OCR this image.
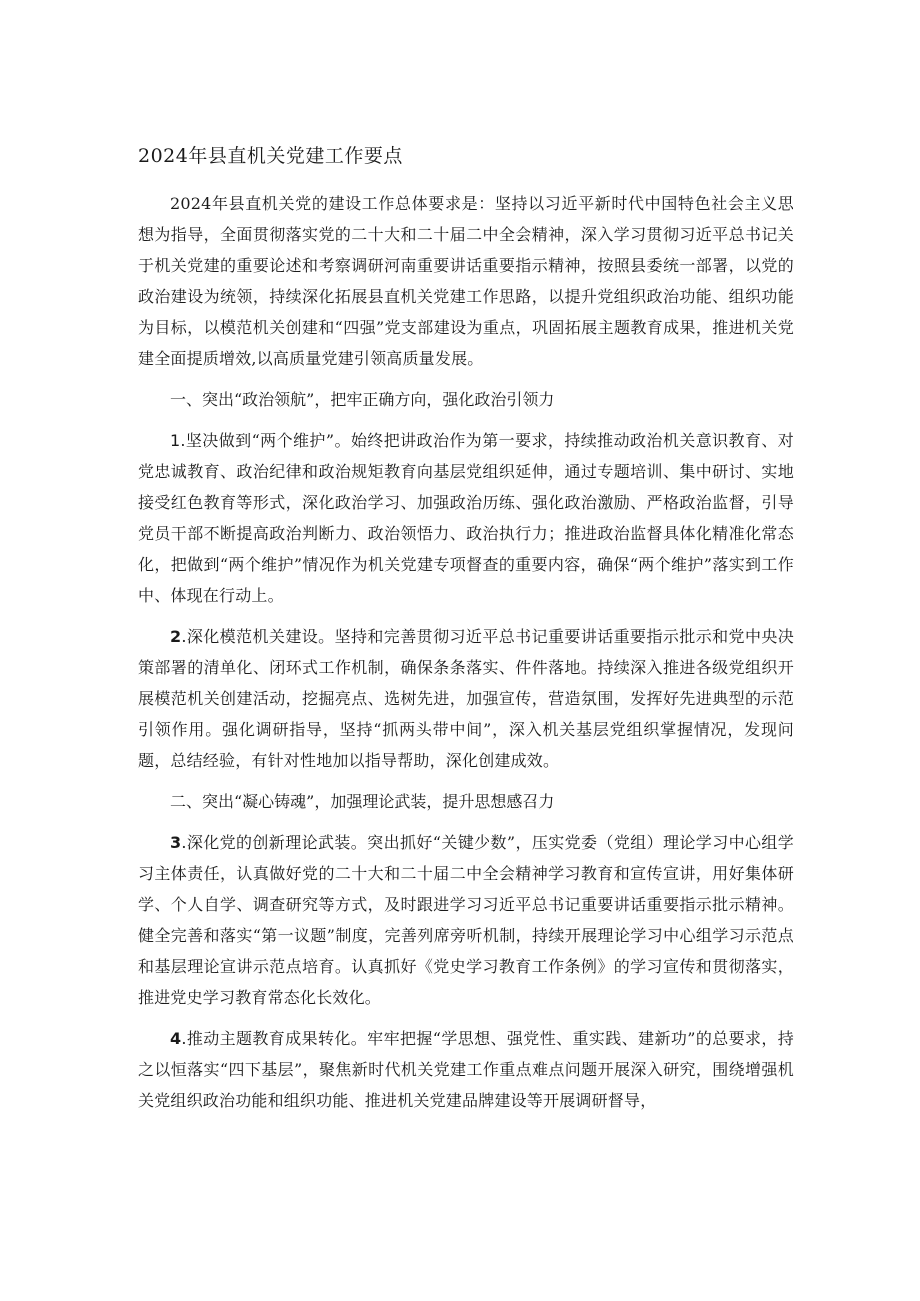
2024年县直机关党建工作要点

2024年县直机关党的建设工作总体要求是：坚持以习近平新时代中国特色社会主义思想为指导，全面贯彻落实党的二十大和二十届二中全会精神，深入学习贯彻习近平总书记关于机关党建的重要论述和考察调研河南重要讲话重要指示精神，按照县委统一部署，以党的政治建设为统领，持续深化拓展县直机关党建工作思路，以提升党组织政治功能、组织功能为目标，以模范机关创建和“四强”党支部建设为重点，巩固拓展主题教育成果，推进机关党建全面提质增效,以高质量党建引领高质量发展。

一、突出“政治领航”，把牢正确方向，强化政治引领力

1.坚决做到“两个维护”。始终把讲政治作为第一要求，持续推动政治机关意识教育、对党忠诚教育、政治纪律和政治规矩教育向基层党组织延伸，通过专题培训、集中研讨、实地接受红色教育等形式，深化政治学习、加强政治历练、强化政治激励、严格政治监督，引导党员干部不断提高政治判断力、政治领悟力、政治执行力；推进政治监督具体化精准化常态化，把做到“两个维护”情况作为机关党建专项督查的重要内容，确保“两个维护”落实到工作中、体现在行动上。

2.深化模范机关建设。坚持和完善贯彻习近平总书记重要讲话重要指示批示和党中央决策部署的清单化、闭环式工作机制，确保条条落实、件件落地。持续深入推进各级党组织开展模范机关创建活动，挖掘亮点、选树先进，加强宣传，营造氛围，发挥好先进典型的示范引领作用。强化调研指导，坚持“抓两头带中间”，深入机关基层党组织掌握情况，发现问题，总结经验，有针对性地加以指导帮助，深化创建成效。

二、突出“凝心铸魂”，加强理论武装，提升思想感召力

3.深化党的创新理论武装。突出抓好“关键少数”，压实党委（党组）理论学习中心组学习主体责任，认真做好党的二十大和二十届二中全会精神学习教育和宣传宣讲，用好集体研学、个人自学、调查研究等方式，及时跟进学习习近平总书记重要讲话重要指示批示精神。健全完善和落实“第一议题”制度，完善列席旁听机制，持续开展理论学习中心组学习示范点和基层理论宣讲示范点培育。认真抓好《党史学习教育工作条例》的学习宣传和贯彻落实，推进党史学习教育常态化长效化。

4.推动主题教育成果转化。牢牢把握“学思想、强党性、重实践、建新功”的总要求，持之以恒落实“四下基层”，聚焦新时代机关党建工作重点难点问题开展深入研究，围绕增强机关党组织政治功能和组织功能、推进机关党建品牌建设等开展调研督导，
